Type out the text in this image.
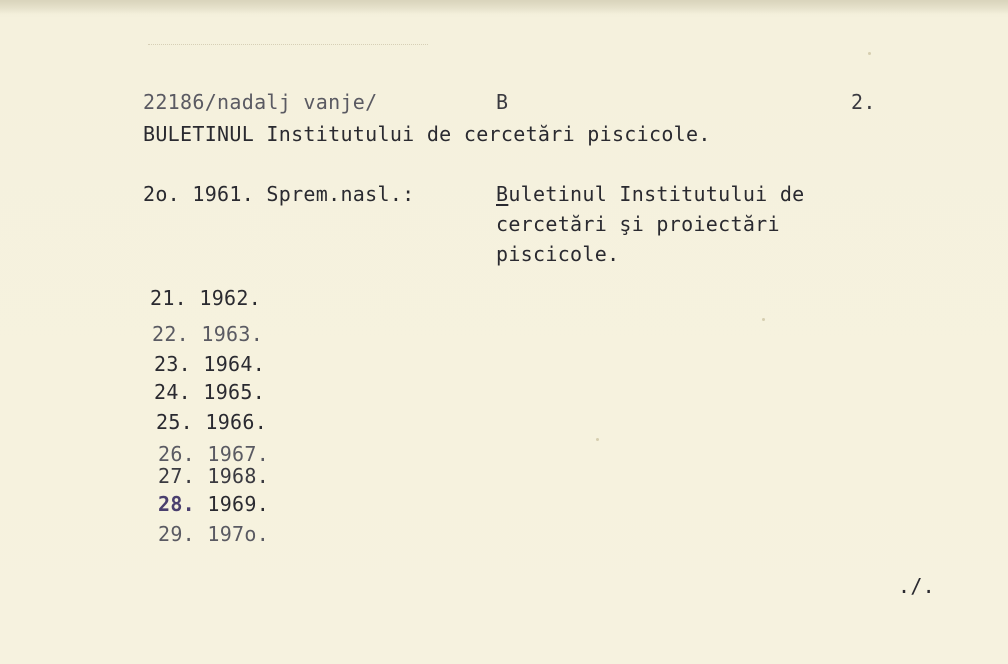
22186/nadalj vanje/	B	2.
BULETINUL Institutului de cercetări piscicole.
2o. 1961. Sprem.nasl.:	Buletinul Institutului de
cercetări şi proiectări
piscicole.
21. 1962.
22. 1963.
23. 1964.
24. 1965.
25. 1966.
26. 1967.
27. 1968.
28. 1969.
29. 197o.
./.
